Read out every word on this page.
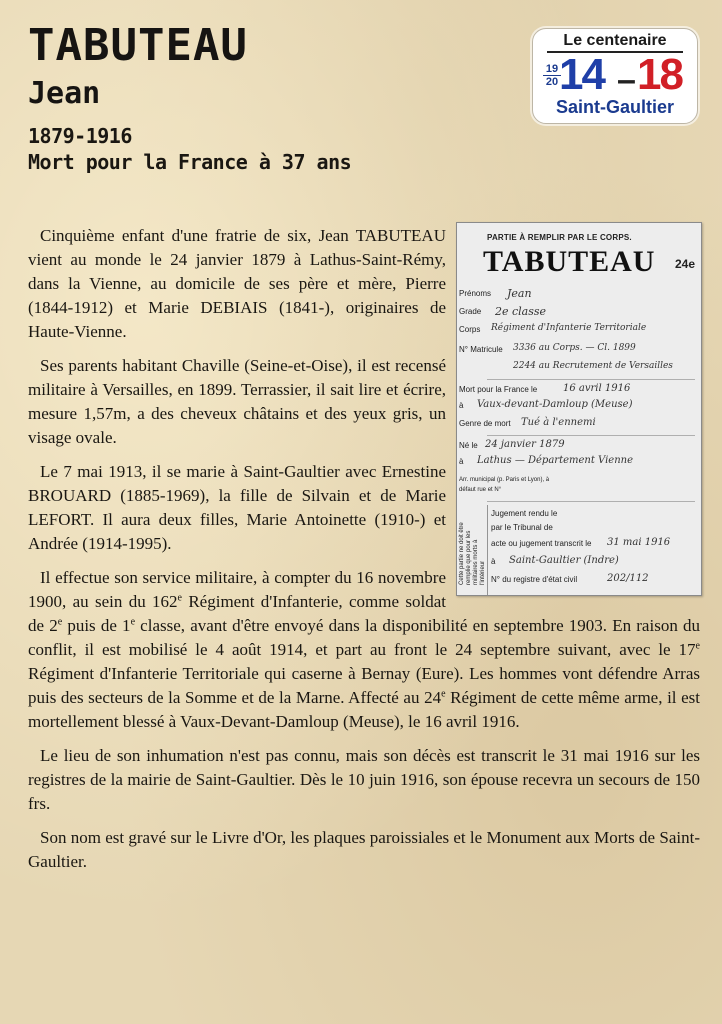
TABUTEAU
Jean
1879-1916
Mort pour la France à 37 ans
Le centenaire
19
20 14 – 18
Saint-Gaultier
PARTIE À REMPLIR PAR LE CORPS.
TABUTEAU 24e
Prénoms Jean
Grade 2e classe
Corps Régiment d'Infanterie Territoriale
N° Matricule 3336 au Corps. — Cl. 1899
2244 au Recrutement de Versailles
Mort pour la France le	16 avril 1916
à Vaux-devant-Damloup (Meuse)
Genre de mort Tué à l'ennemi
Né le 24 janvier 1879
à Lathus — Département Vienne
Arr. municipal (p. Paris et Lyon), à défaut rue et N°
Cette partie ne doit être remplie que pour les militaires morts à l'intérieur
Jugement rendu le
par le Tribunal de
acte ou jugement transcrit le 31 mai 1916
à Saint-Gaultier (Indre)
N° du registre d'état civil	202/112

Cinquième enfant d'une fratrie de six, Jean TABUTEAU vient au monde le 24 janvier 1879 à Lathus-Saint-Rémy, dans la Vienne, au domicile de ses père et mère, Pierre (1844-1912) et Marie DEBIAIS (1841-), originaires de Haute-Vienne.

Ses parents habitant Chaville (Seine-et-Oise), il est recensé militaire à Versailles, en 1899. Terrassier, il sait lire et écrire, mesure 1,57m, a des cheveux châtains et des yeux gris, un visage ovale.

Le 7 mai 1913, il se marie à Saint-Gaultier avec Ernestine BROUARD (1885-1969), la fille de Silvain et de Marie LEFORT. Il aura deux filles, Marie Antoinette (1910-) et Andrée (1914-1995).

Il effectue son service militaire, à compter du 16 novembre 1900, au sein du 162e Régiment d'Infanterie, comme soldat de 2e puis de 1e classe, avant d'être envoyé dans la disponibilité en septembre 1903. En raison du conflit, il est mobilisé le 4 août 1914, et part au front le 24 septembre suivant, avec le 17e Régiment d'Infanterie Territoriale qui caserne à Bernay (Eure). Les hommes vont défendre Arras puis des secteurs de la Somme et de la Marne. Affecté au 24e Régiment de cette même arme, il est mortellement blessé à Vaux-Devant-Damloup (Meuse), le 16 avril 1916.

Le lieu de son inhumation n'est pas connu, mais son décès est transcrit le 31 mai 1916 sur les registres de la mairie de Saint-Gaultier. Dès le 10 juin 1916, son épouse recevra un secours de 150 frs.

Son nom est gravé sur le Livre d'Or, les plaques paroissiales et le Monument aux Morts de Saint-Gaultier.
